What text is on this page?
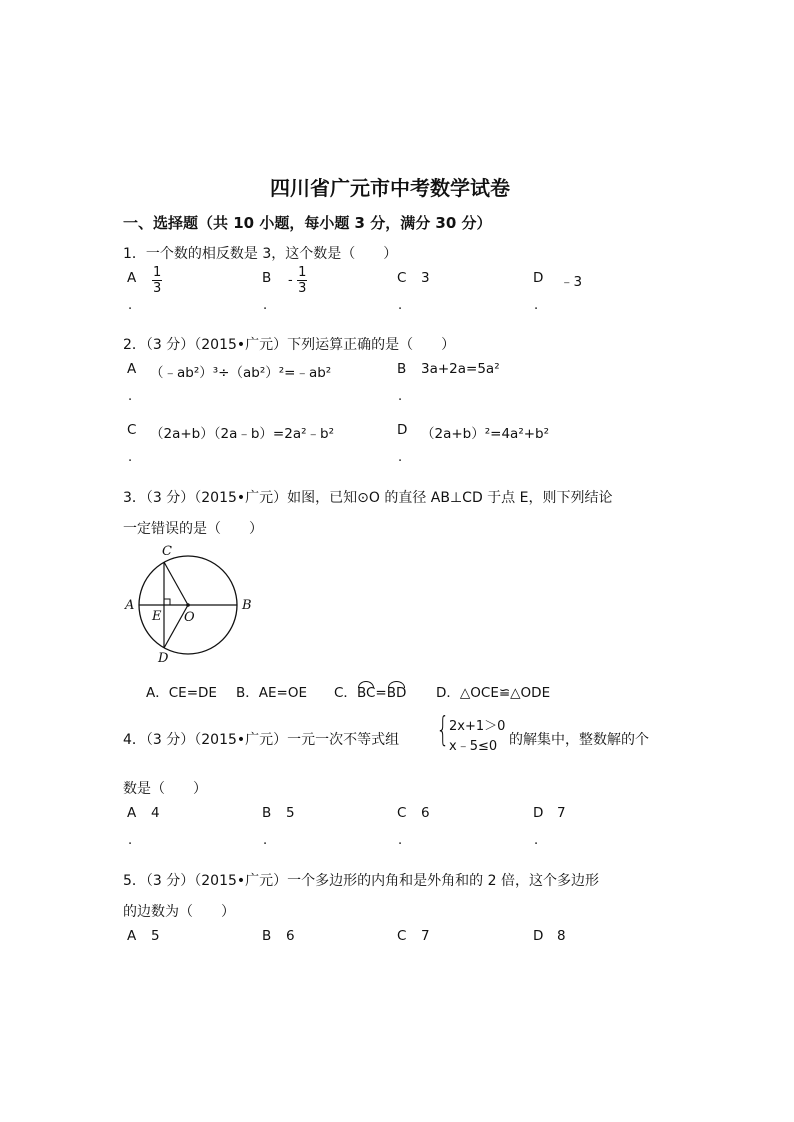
四川省广元市中考数学试卷
一、选择题（共 10 小题，每小题 3 分，满分 30 分）
1．一个数的相反数是 3，这个数是（　　）
A $\frac{1}{3}$
.
B - $\frac{1}{3}$
.
C 3
.
D ﹣3
.
2．（3 分）（2015•广元）下列运算正确的是（　　）
A （﹣ab²）³÷（ab²）²=﹣ab²
.
B 3a+2a=5a²
.
C （2a+b）（2a﹣b）=2a²﹣b²
.
D （2a+b）²=4a²+b²
.
3．（3 分）（2015•广元）如图，已知⊙O 的直径 AB⊥CD 于点 E，则下列结论
一定错误的是（　　）
C
A
E O
B
D
A．CE=DE B．AE=OE C．BC=BD D．△OCE≌△ODE
4．（3 分）（2015•广元）一元一次不等式组 { 2x+1＞0
x﹣5≤0 的解集中，整数解的个
数是（　　）
A 4
.
B 5
.
C 6
.
D 7
.
5．（3 分）（2015•广元）一个多边形的内角和是外角和的 2 倍，这个多边形
的边数为（　　）
A 5	B 6	C 7	D 8
